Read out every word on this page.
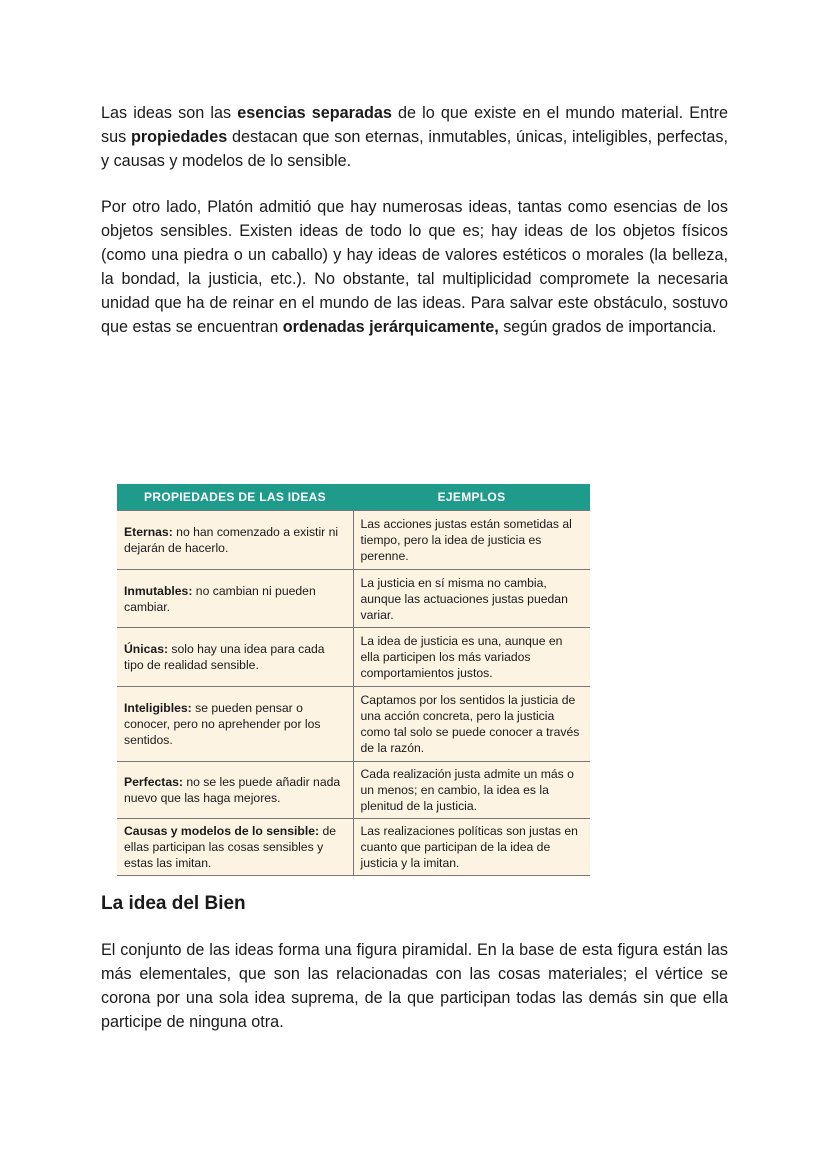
Las ideas son las esencias separadas de lo que existe en el mundo material. Entre sus propiedades destacan que son eternas, inmutables, únicas, inteligibles, perfectas, y causas y modelos de lo sensible.

Por otro lado, Platón admitió que hay numerosas ideas, tantas como esencias de los objetos sensibles. Existen ideas de todo lo que es; hay ideas de los objetos físicos (como una piedra o un caballo) y hay ideas de valores estéticos o morales (la belleza, la bondad, la justicia, etc.). No obstante, tal multiplicidad compromete la necesaria unidad que ha de reinar en el mundo de las ideas. Para salvar este obstáculo, sostuvo que estas se encuentran ordenadas jerárquicamente, según grados de importancia.

PROPIEDADES DE LAS IDEAS	EJEMPLOS
Eternas: no han comenzado a existir ni dejarán de hacerlo.	Las acciones justas están sometidas al tiempo, pero la idea de justicia es perenne.
Inmutables: no cambian ni pueden cambiar.	La justicia en sí misma no cambia, aunque las actuaciones justas puedan variar.
Únicas: solo hay una idea para cada tipo de realidad sensible.	La idea de justicia es una, aunque en ella participen los más variados comportamientos justos.
Inteligibles: se pueden pensar o conocer, pero no aprehender por los sentidos.	Captamos por los sentidos la justicia de una acción concreta, pero la justicia como tal solo se puede conocer a través de la razón.
Perfectas: no se les puede añadir nada nuevo que las haga mejores.	Cada realización justa admite un más o un menos; en cambio, la idea es la plenitud de la justicia.
Causas y modelos de lo sensible: de ellas participan las cosas sensibles y estas las imitan.	Las realizaciones políticas son justas en cuanto que participan de la idea de justicia y la imitan.
La idea del Bien

El conjunto de las ideas forma una figura piramidal. En la base de esta figura están las más elementales, que son las relacionadas con las cosas materiales; el vértice se corona por una sola idea suprema, de la que participan todas las demás sin que ella participe de ninguna otra.
